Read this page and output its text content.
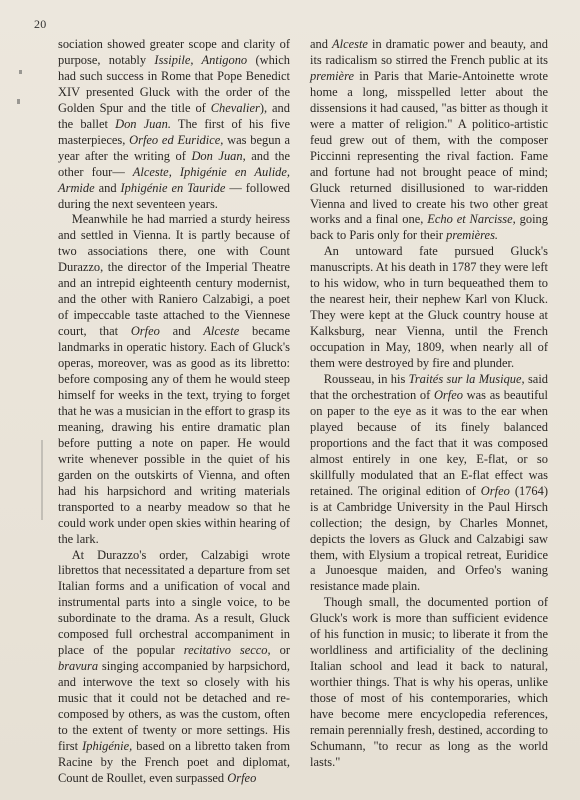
20

sociation showed greater scope and clarity of purpose, notably Issipile, Antigono (which had such success in Rome that Pope Benedict XIV presented Gluck with the order of the Golden Spur and the title of Chevalier), and the ballet Don Juan. The first of his five masterpieces, Orfeo ed Euridice, was begun a year after the writing of Don Juan, and the other four— Alceste, Iphigénie en Aulide, Armide and Iphigénie en Tauride — followed during the next seventeen years.

Meanwhile he had married a sturdy heiress and settled in Vienna. It is partly because of two associations there, one with Count Durazzo, the director of the Imperial Theatre and an intrepid eighteenth century modernist, and the other with Raniero Calzabigi, a poet of impeccable taste attached to the Viennese court, that Orfeo and Alceste became landmarks in operatic history. Each of Gluck's operas, moreover, was as good as its libretto: before composing any of them he would steep himself for weeks in the text, trying to forget that he was a musician in the effort to grasp its meaning, drawing his entire dramatic plan before putting a note on paper. He would write whenever possible in the quiet of his garden on the outskirts of Vienna, and often had his harpsichord and writing materials transported to a nearby meadow so that he could work under open skies within hearing of the lark.

At Durazzo's order, Calzabigi wrote librettos that necessitated a departure from set Italian forms and a unification of vocal and instrumental parts into a single voice, to be subordinate to the drama. As a result, Gluck composed full orchestral accompaniment in place of the popular recitativo secco, or bravura singing accompanied by harpsichord, and interwove the text so closely with his music that it could not be detached and re-composed by others, as was the custom, often to the extent of twenty or more settings. His first Iphigénie, based on a libretto taken from Racine by the French poet and diplomat, Count de Roullet, even surpassed Orfeo

and Alceste in dramatic power and beauty, and its radicalism so stirred the French public at its première in Paris that Marie-Antoinette wrote home a long, misspelled letter about the dissensions it had caused, "as bitter as though it were a matter of religion." A politico-artistic feud grew out of them, with the composer Piccinni representing the rival faction. Fame and fortune had not brought peace of mind; Gluck returned disillusioned to war-ridden Vienna and lived to create his two other great works and a final one, Echo et Narcisse, going back to Paris only for their premières.

An untoward fate pursued Gluck's manuscripts. At his death in 1787 they were left to his widow, who in turn bequeathed them to the nearest heir, their nephew Karl von Kluck. They were kept at the Gluck country house at Kalksburg, near Vienna, until the French occupation in May, 1809, when nearly all of them were destroyed by fire and plunder.

Rousseau, in his Traités sur la Musique, said that the orchestration of Orfeo was as beautiful on paper to the eye as it was to the ear when played because of its finely balanced proportions and the fact that it was composed almost entirely in one key, E-flat, or so skillfully modulated that an E-flat effect was retained. The original edition of Orfeo (1764) is at Cambridge University in the Paul Hirsch collection; the design, by Charles Monnet, depicts the lovers as Gluck and Calzabigi saw them, with Elysium a tropical retreat, Euridice a Junoesque maiden, and Orfeo's waning resistance made plain.

Though small, the documented portion of Gluck's work is more than sufficient evidence of his function in music; to liberate it from the worldliness and artificiality of the declining Italian school and lead it back to natural, worthier things. That is why his operas, unlike those of most of his contemporaries, which have become mere encyclopedia references, remain perennially fresh, destined, according to Schumann, "to recur as long as the world lasts."
